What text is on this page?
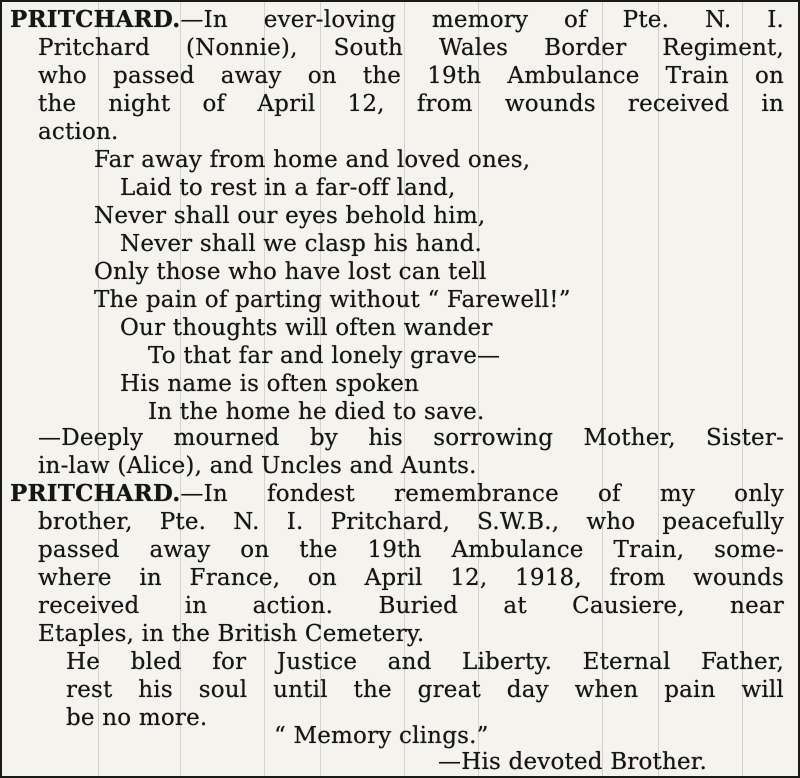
PRITCHARD.—In ever-loving memory of Pte. N. I.
Pritchard (Nonnie), South Wales Border Regiment,
who passed away on the 19th Ambulance Train on
the night of April 12, from wounds received in
action.
Far away from home and loved ones,
Laid to rest in a far-off land,
Never shall our eyes behold him,
Never shall we clasp his hand.
Only those who have lost can tell
The pain of parting without “ Farewell!”
Our thoughts will often wander
To that far and lonely grave—
His name is often spoken
In the home he died to save.
—Deeply mourned by his sorrowing Mother, Sister-
in-law (Alice), and Uncles and Aunts.
PRITCHARD.—In fondest remembrance of my only
brother, Pte. N. I. Pritchard, S.W.B., who peacefully
passed away on the 19th Ambulance Train, some-
where in France, on April 12, 1918, from wounds
received in action. Buried at Causiere, near
Etaples, in the British Cemetery.
He bled for Justice and Liberty. Eternal Father,
rest his soul until the great day when pain will
be no more.
“ Memory clings.”
—His devoted Brother.
